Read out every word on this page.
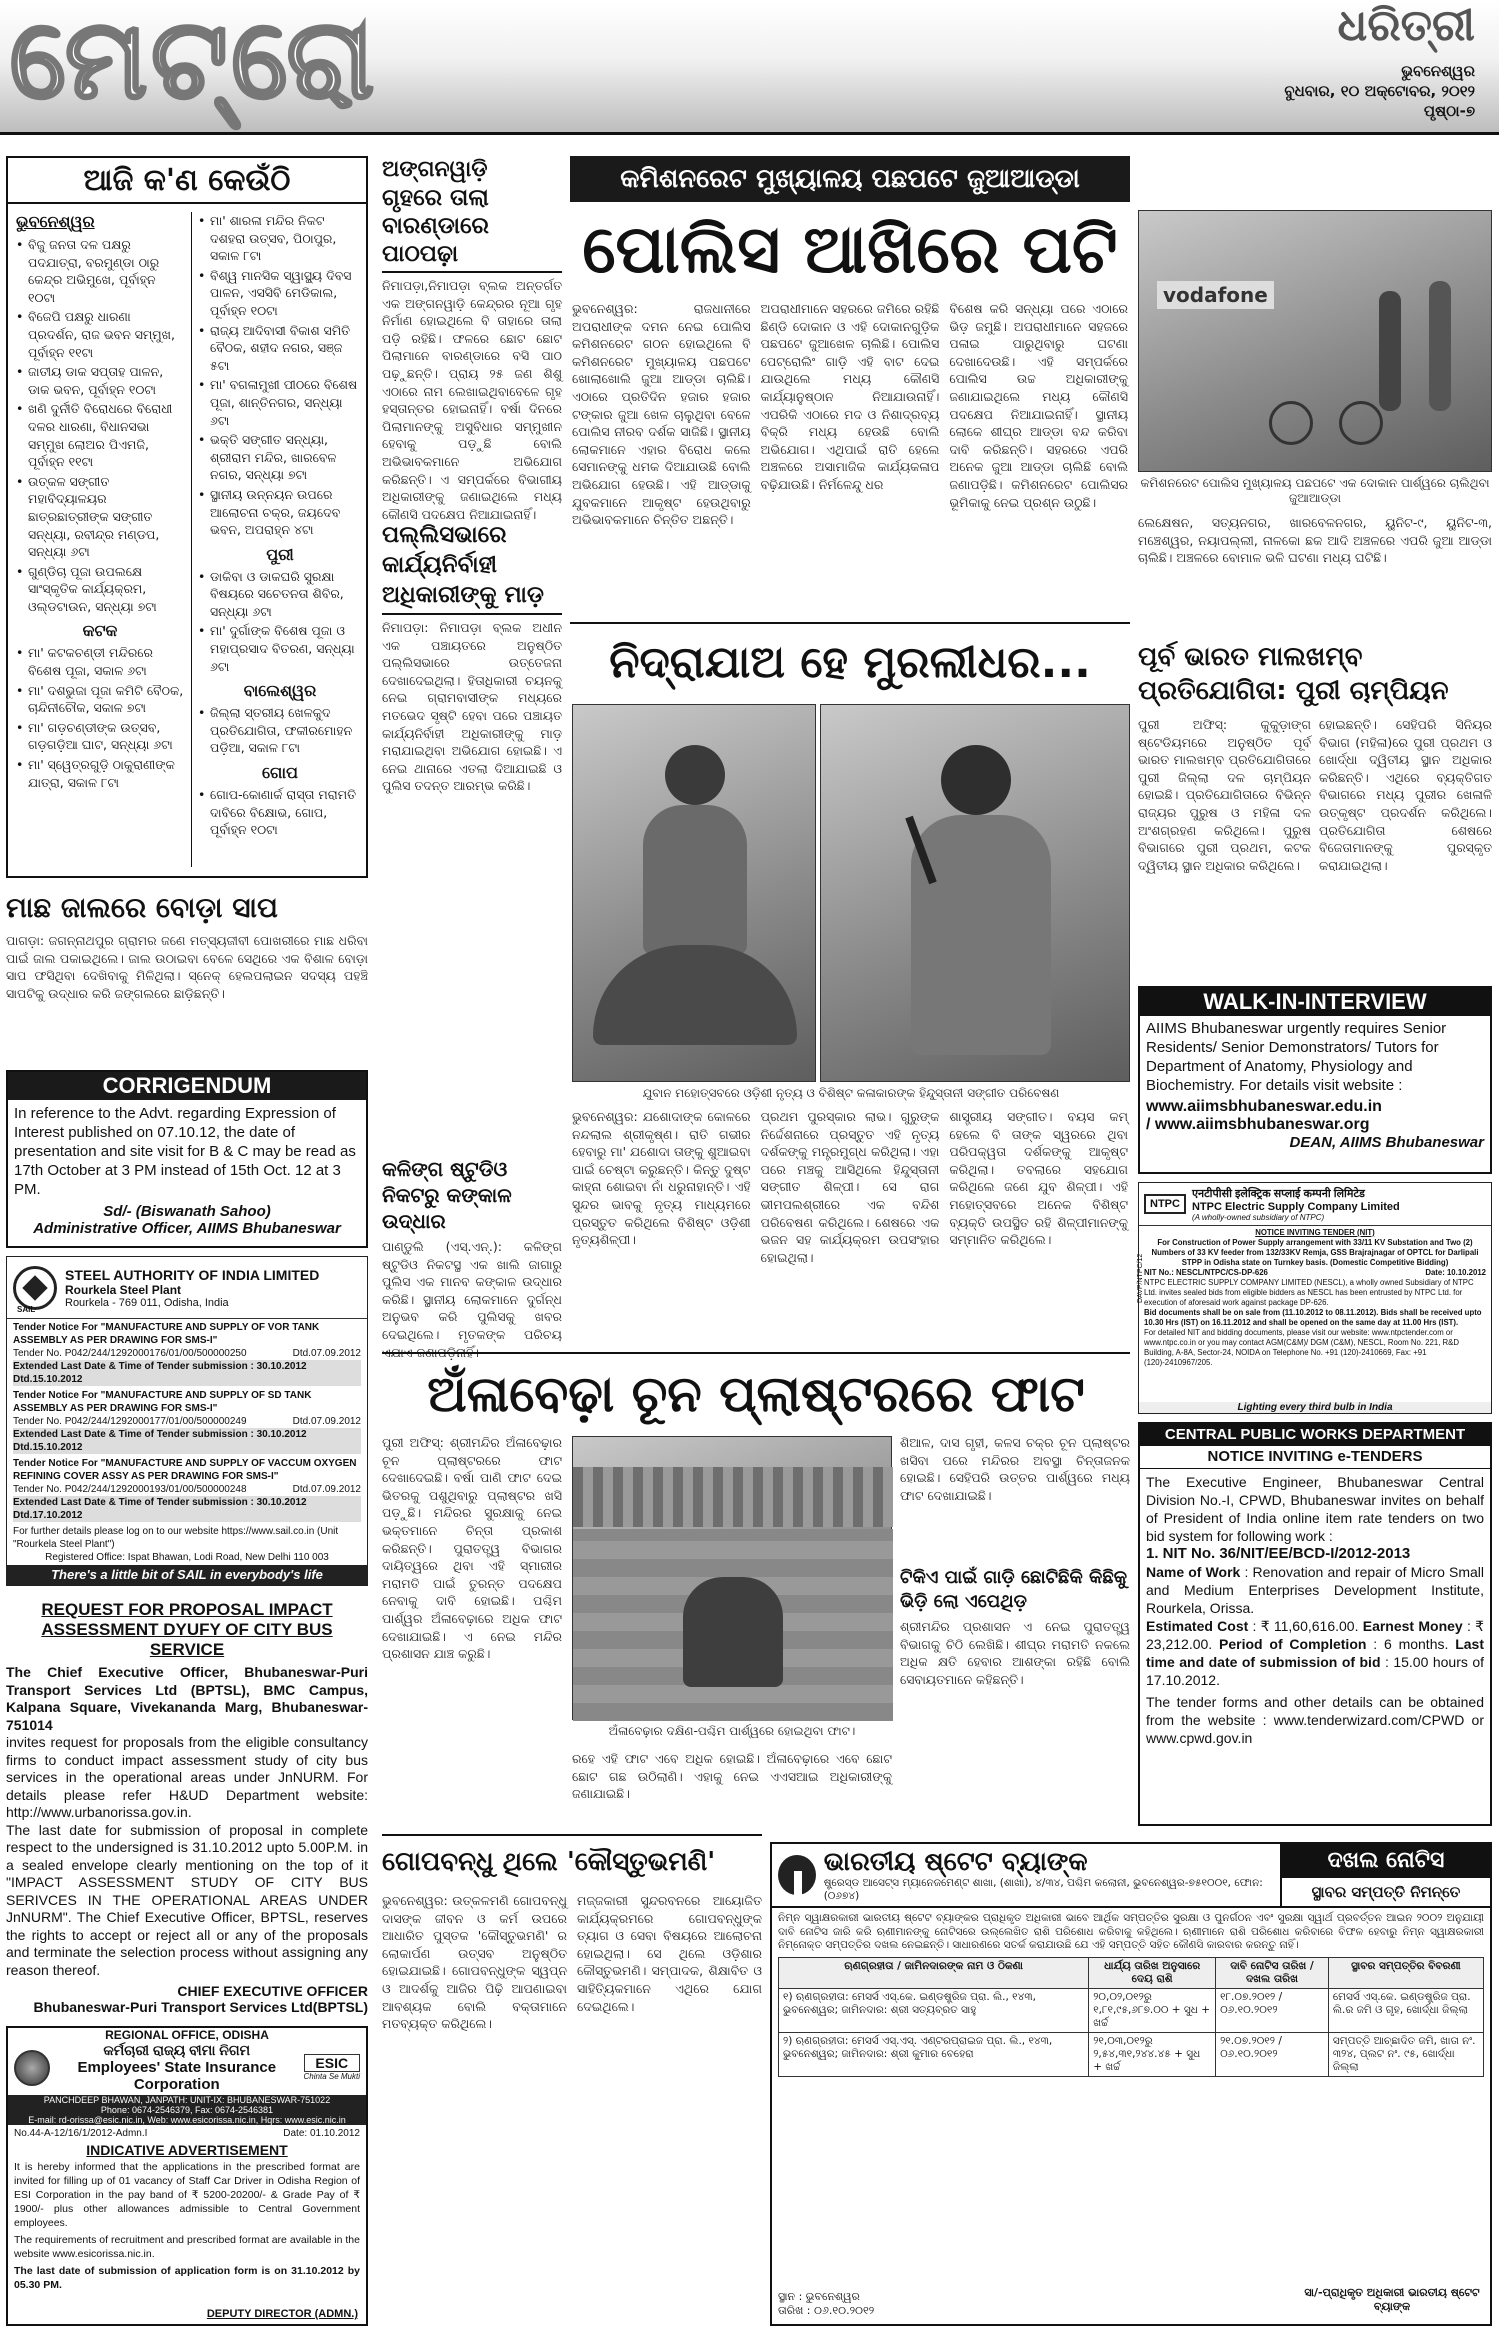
ମେଟ୍ରୋ	ଧରିତ୍ରୀ
ଭୁବନେଶ୍ୱର
ବୁଧବାର, ୧୦ ଅକ୍ଟୋବର, ୨୦୧୨
ପୃଷ୍ଠା-୭
ଆଜି କ'ଣ କେଉଁଠି
ଭୁବନେଶ୍ୱର
• ବିଜୁ ଜନତା ଦଳ ପକ୍ଷରୁ ପଦଯାତ୍ରା, ବରମୁଣ୍ଡା ଠାରୁ କେନ୍ଦ୍ର ଅଭିମୁଖେ, ପୂର୍ବାହ୍ନ ୧୦ଟା
• ବିଜେପି ପକ୍ଷରୁ ଧାରଣା ପ୍ରଦର୍ଶନ, ରାଜ ଭବନ ସମ୍ମୁଖ, ପୂର୍ବାହ୍ନ ୧୧ଟା
• ଜାତୀୟ ଡାକ ସପ୍ତାହ ପାଳନ, ଡାକ ଭବନ, ପୂର୍ବାହ୍ନ ୧୦ଟା
• ଖଣି ଦୁର୍ନୀତି ବିରୋଧରେ ବିରୋଧୀ ଦଳର ଧାରଣା, ବିଧାନସଭା ସମ୍ମୁଖ ଲୋଅର ପିଏମଜି, ପୂର୍ବାହ୍ନ ୧୧ଟା
• ଉତ୍କଳ ସଙ୍ଗୀତ ମହାବିଦ୍ୟାଳୟର ଛାତ୍ରଛାତ୍ରୀଙ୍କ ସଙ୍ଗୀତ ସନ୍ଧ୍ୟା, ରବୀନ୍ଦ୍ର ମଣ୍ଡପ, ସନ୍ଧ୍ୟା ୬ଟା
• ଗୁଣ୍ଡିଚା ପୂଜା ଉପଲକ୍ଷେ ସାଂସ୍କୃତିକ କାର୍ଯ୍ୟକ୍ରମ, ଓଲ୍ଡଟାଉନ, ସନ୍ଧ୍ୟା ୭ଟା
କଟକ
• ମା' କଟକଚଣ୍ଡୀ ମନ୍ଦିରରେ ବିଶେଷ ପୂଜା, ସକାଳ ୬ଟା
• ମା' ଦଶଭୁଜା ପୂଜା କମିଟି ବୈଠକ, ଚାନ୍ଦିନୀଚୌକ, ସକାଳ ୭ଟା
• ମା' ଗଡ଼ଚଣ୍ଡୀଙ୍କ ଉତ୍ସବ, ଗଡ଼ଗଡ଼ିଆ ଘାଟ, ସନ୍ଧ୍ୟା ୬ଟା
• ମା' ସ୍ୱେତ୍ରଗୁଡ଼ି ଠାକୁରାଣୀଙ୍କ ଯାତ୍ରା, ସକାଳ ୮ଟା
• ମା' ଶାରଳା ମନ୍ଦିର ନିକଟ ଦଶହରା ଉତ୍ସବ, ପିଠାପୁର, ସକାଳ ୮ଟା
• ବିଶ୍ୱ ମାନସିକ ସ୍ୱାସ୍ଥ୍ୟ ଦିବସ ପାଳନ, ଏସସିବି ମେଡିକାଲ, ପୂର୍ବାହ୍ନ ୧୦ଟା
• ରାଜ୍ୟ ଆଦିବାସୀ ବିକାଶ ସମିତି ବୈଠକ, ଶହୀଦ ନଗର, ସଞ୍ଜ ୫ଟା
• ମା' ବଗଳାମୁଖୀ ପୀଠରେ ବିଶେଷ ପୂଜା, ଶାନ୍ତିନଗର, ସନ୍ଧ୍ୟା ୬ଟା
• ଭକ୍ତି ସଙ୍ଗୀତ ସନ୍ଧ୍ୟା, ଶ୍ରୀରାମ ମନ୍ଦିର, ଖାରବେଳ ନଗର, ସନ୍ଧ୍ୟା ୭ଟା
• ସ୍ଥାନୀୟ ଉନ୍ନୟନ ଉପରେ ଆଲୋଚନା ଚକ୍ର, ଜୟଦେବ ଭବନ, ଅପରାହ୍ନ ୪ଟା
ପୁରୀ
• ଡାକିବା ଓ ଡାକଘରି ସୁରକ୍ଷା ବିଷୟରେ ସଚେତନତା ଶିବିର, ସନ୍ଧ୍ୟା ୬ଟା
• ମା' ଦୁର୍ଗାଙ୍କ ବିଶେଷ ପୂଜା ଓ ମହାପ୍ରସାଦ ବିତରଣ, ସନ୍ଧ୍ୟା ୬ଟା
ବାଲେଶ୍ୱର
• ଜିଲ୍ଲା ସ୍ତରୀୟ ଖେଳକୁଦ ପ୍ରତିଯୋଗିତା, ଫକୀରମୋହନ ପଡ଼ିଆ, ସକାଳ ୮ଟା
ଗୋପ
• ଗୋପ-କୋଣାର୍କ ରାସ୍ତା ମରାମତି ଦାବିରେ ବିକ୍ଷୋଭ, ଗୋପ, ପୂର୍ବାହ୍ନ ୧୦ଟା
ମାଛ ଜାଲରେ ବୋଡ଼ା ସାପ
ପାଗଡ଼ା: ଜଗନ୍ନାଥପୁର ଗ୍ରାମର ଜଣେ ମତ୍ସ୍ୟଜୀବୀ ପୋଖରୀରେ ମାଛ ଧରିବା ପାଇଁ ଜାଲ ପକାଇଥିଲେ। ଜାଲ ଉଠାଇବା ବେଳେ ସେଥିରେ ଏକ ବିଶାଳ ବୋଡ଼ା ସାପ ଫସିଥିବା ଦେଖିବାକୁ ମିଳିଥିଲା। ସ୍ନେକ୍ ହେଲପଲାଇନ ସଦସ୍ୟ ପହଞ୍ଚି ସାପଟିକୁ ଉଦ୍ଧାର କରି ଜଙ୍ଗଲରେ ଛାଡ଼ିଛନ୍ତି।
CORRIGENDUM
In reference to the Advt. regarding Expression of Interest published on 07.10.12, the date of presentation and site visit for B & C may be read as 17th October at 3 PM instead of 15th Oct. 12 at 3 PM.
Sd/- (Biswanath Sahoo)
Administrative Officer, AIIMS Bhubaneswar
STEEL AUTHORITY OF INDIA LIMITED
Rourkela Steel Plant
Rourkela - 769 011, Odisha, India
SAIL
Tender Notice For "MANUFACTURE AND SUPPLY OF VOR TANK ASSEMBLY AS PER DRAWING FOR SMS-I"
Tender No. P042/244/1292000176/01/00/500000250	Dtd.07.09.2012
Extended Last Date & Time of Tender submission : 30.10.2012 Dtd.15.10.2012
Tender Notice For "MANUFACTURE AND SUPPLY OF SD TANK ASSEMBLY AS PER DRAWING FOR SMS-I"
Tender No. P042/244/1292000177/01/00/500000249	Dtd.07.09.2012
Extended Last Date & Time of Tender submission : 30.10.2012 Dtd.15.10.2012
Tender Notice For "MANUFACTURE AND SUPPLY OF VACCUM OXYGEN REFINING COVER ASSY AS PER DRAWING FOR SMS-I"
Tender No. P042/244/1292000193/01/00/500000248	Dtd.07.09.2012
Extended Last Date & Time of Tender submission : 30.10.2012 Dtd.17.10.2012
For further details please log on to our website https://www.sail.co.in (Unit "Rourkela Steel Plant")
Registered Office: Ispat Bhawan, Lodi Road, New Delhi 110 003
There's a little bit of SAIL in everybody's life
REQUEST FOR PROPOSAL IMPACT ASSESSMENT DYUFY OF CITY BUS SERVICE
The Chief Executive Officer, Bhubaneswar-Puri Transport Services Ltd (BPTSL), BMC Campus, Kalpana Square, Vivekananda Marg, Bhubaneswar-751014
invites request for proposals from the eligible consultancy firms to conduct impact assessment study of city bus services in the operational areas under JnNURM. For details please refer H&UD Department website: http://www.urbanorissa.gov.in.
The last date for submission of proposal in complete respect to the undersigned is 31.10.2012 upto 5.00P.M. in a sealed envelope clearly mentioning on the top of it "IMPACT ASSESSMENT STUDY OF CITY BUS SERIVCES IN THE OPERATIONAL AREAS UNDER JnNURM". The Chief Executive Officer, BPTSL, reserves the rights to accept or reject all or any of the proposals and terminate the selection process without assigning any reason thereof.
CHIEF EXECUTIVE OFFICER
Bhubaneswar-Puri Transport Services Ltd(BPTSL)
REGIONAL OFFICE, ODISHA
କର୍ମଚାରୀ ରାଜ୍ୟ ବୀମା ନିଗମ
Employees' State Insurance Corporation
ESIC
Chinta Se Mukti
PANCHDEEP BHAWAN, JANPATH: UNIT-IX: BHUBANESWAR-751022
Phone: 0674-2546379, Fax: 0674-2546381
E-mail: rd-orissa@esic.nic.in, Web: www.esicorissa.nic.in, Hqrs: www.esic.nic.in
No.44-A-12/16/1/2012-Admn.I	Date: 01.10.2012
INDICATIVE ADVERTISEMENT
It is hereby informed that the applications in the prescribed format are invited for filling up of 01 vacancy of Staff Car Driver in Odisha Region of ESI Corporation in the pay band of ₹ 5200-20200/- & Grade Pay of ₹ 1900/- plus other allowances admissible to Central Government employees.
The requirements of recruitment and prescribed format are available in the website www.esicorissa.nic.in.
The last date of submission of application form is on 31.10.2012 by 05.30 PM.
DEPUTY DIRECTOR (ADMN.)
ଅଙ୍ଗନୱାଡ଼ି
ଗୃହରେ ତାଲା ବାରଣ୍ଡାରେ ପାଠପଢ଼ା
ନିମାପଡ଼ା,ନିମାପଡ଼ା ବ୍ଲକ ଅନ୍ତର୍ଗତ ଏକ ଅଙ୍ଗନୱାଡ଼ି କେନ୍ଦ୍ରର ନୂଆ ଗୃହ ନିର୍ମାଣ ହୋଇଥିଲେ ବି ତାହାରେ ତାଲା ପଡ଼ି ରହିଛି। ଫଳରେ ଛୋଟ ଛୋଟ ପିଲାମାନେ ବାରଣ୍ଡାରେ ବସି ପାଠ ପଢ଼ୁଛନ୍ତି। ପ୍ରାୟ ୨୫ ଜଣ ଶିଶୁ ଏଠାରେ ନାମ ଲେଖାଇଥିବାବେଳେ ଗୃହ ହସ୍ତାନ୍ତର ହୋଇନାହିଁ। ବର୍ଷା ଦିନରେ ପିଲାମାନଙ୍କୁ ଅସୁବିଧାର ସମ୍ମୁଖୀନ ହେବାକୁ ପଡ଼ୁଛି ବୋଲି ଅଭିଭାବକମାନେ ଅଭିଯୋଗ କରିଛନ୍ତି। ଏ ସମ୍ପର୍କରେ ବିଭାଗୀୟ ଅଧିକାରୀଙ୍କୁ ଜଣାଇଥିଲେ ମଧ୍ୟ କୌଣସି ପଦକ୍ଷେପ ନିଆଯାଇନାହିଁ।
ପଲ୍ଲିସଭାରେ କାର୍ଯ୍ୟନିର୍ବାହୀ ଅଧିକାରୀଙ୍କୁ ମାଡ଼
ନିମାପଡ଼ା: ନିମାପଡ଼ା ବ୍ଲକ ଅଧୀନ ଏକ ପଞ୍ଚାୟତରେ ଅନୁଷ୍ଠିତ ପଲ୍ଲିସଭାରେ ଉତ୍ତେଜନା ଦେଖାଦେଇଥିଲା। ହିତାଧିକାରୀ ଚୟନକୁ ନେଇ ଗ୍ରାମବାସୀଙ୍କ ମଧ୍ୟରେ ମତଭେଦ ସୃଷ୍ଟି ହେବା ପରେ ପଞ୍ଚାୟତ କାର୍ଯ୍ୟନିର୍ବାହୀ ଅଧିକାରୀଙ୍କୁ ମାଡ଼ ମରାଯାଇଥିବା ଅଭିଯୋଗ ହୋଇଛି। ଏ ନେଇ ଥାନାରେ ଏତଲା ଦିଆଯାଇଛି ଓ ପୁଲିସ ତଦନ୍ତ ଆରମ୍ଭ କରିଛି।
କଳିଙ୍ଗ ଷ୍ଟୁଡିଓ ନିକଟରୁ କଙ୍କାଳ ଉଦ୍ଧାର
ପାଣ୍ଡୁଲି (ଏସ୍.ଏନ୍.): କଳିଙ୍ଗ ଷ୍ଟୁଡିଓ ନିକଟସ୍ଥ ଏକ ଖାଲି ଜାଗାରୁ ପୁଲିସ ଏକ ମାନବ କଙ୍କାଳ ଉଦ୍ଧାର କରିଛି। ସ୍ଥାନୀୟ ଲୋକମାନେ ଦୁର୍ଗନ୍ଧ ଅନୁଭବ କରି ପୁଲିସକୁ ଖବର ଦେଇଥିଲେ। ମୃତକଙ୍କ ପରିଚୟ
କମିଶନରେଟ ମୁଖ୍ୟାଳୟ ପଛପଟେ ଜୁଆଆଡ୍ଡା
ପୋଲିସ ଆଖିରେ ପଟି
ଭୁବନେଶ୍ୱର: ରାଜଧାନୀରେ ଅପରାଧୀଙ୍କ ଦମନ ନେଇ ପୋଲିସ କମିଶନରେଟ ଗଠନ ହୋଇଥିଲେ ବି କମିଶନରେଟ ମୁଖ୍ୟାଳୟ ପଛପଟେ ଖୋଲାଖୋଲି ଜୁଆ ଆଡ୍ଡା ଚାଲିଛି। ଏଠାରେ ପ୍ରତିଦିନ ହଜାର ହଜାର ଟଙ୍କାର ଜୁଆ ଖେଳ ଚାଲୁଥିବା ବେଳେ ପୋଲିସ ନୀରବ ଦର୍ଶକ ସାଜିଛି। ସ୍ଥାନୀୟ ଲୋକମାନେ ଏହାର ବିରୋଧ କଲେ ସେମାନଙ୍କୁ ଧମକ ଦିଆଯାଉଛି ବୋଲି ଅଭିଯୋଗ ହେଉଛି। ଏହି ଆଡ୍ଡାକୁ ଯୁବକମାନେ ଆକୃଷ୍ଟ ହେଉଥିବାରୁ ଅଭିଭାବକମାନେ ଚିନ୍ତିତ ଅଛନ୍ତି।
ଅପରାଧୀମାନେ ସହରରେ ଜମିରେ ରହିଛି ଛିଣ୍ଡି ଦୋକାନ ଓ ଏହି ଦୋକାନଗୁଡ଼ିକ ପଛପଟେ ଜୁଆଖେଳ ଚାଲିଛି। ପୋଲିସ ପେଟ୍ରୋଲିଂ ଗାଡ଼ି ଏହି ବାଟ ଦେଇ ଯାଉଥିଲେ ମଧ୍ୟ କୌଣସି କାର୍ଯ୍ୟାନୁଷ୍ଠାନ ନିଆଯାଉନାହିଁ। ଏପରିକି ଏଠାରେ ମଦ ଓ ନିଶାଦ୍ରବ୍ୟ ବିକ୍ରି ମଧ୍ୟ ହେଉଛି ବୋଲି ଅଭିଯୋଗ। ଏଥିପାଇଁ ରାତି ହେଲେ ଅଞ୍ଚଳରେ ଅସାମାଜିକ କାର୍ଯ୍ୟକଳାପ ବଢ଼ିଯାଉଛି। ନିର୍ମଳେନ୍ଦୁ ଧର
ବିଶେଷ କରି ସନ୍ଧ୍ୟା ପରେ ଏଠାରେ ଭିଡ଼ ଜମୁଛି। ଅପରାଧୀମାନେ ସହଜରେ ପଳାଇ ପାରୁଥିବାରୁ ଘଟଣା ଦେଖାଦେଉଛି। ଏହି ସମ୍ପର୍କରେ ପୋଲିସ ଉଚ୍ଚ ଅଧିକାରୀଙ୍କୁ ଜଣାଯାଇଥିଲେ ମଧ୍ୟ କୌଣସି ପଦକ୍ଷେପ ନିଆଯାଇନାହିଁ। ସ୍ଥାନୀୟ ଲୋକେ ଶୀଘ୍ର ଆଡ୍ଡା ବନ୍ଦ କରିବା ଦାବି କରିଛନ୍ତି। ସହରରେ ଏପରି ଅନେକ ଜୁଆ ଆଡ୍ଡା ଚାଲିଛି ବୋଲି ଜଣାପଡ଼ିଛି। କମିଶନରେଟ ପୋଲିସର ଭୂମିକାକୁ ନେଇ ପ୍ରଶ୍ନ ଉଠୁଛି।
vodafone
କମିଶନରେଟ ପୋଲିସ ମୁଖ୍ୟାଳୟ ପଛପଟେ ଏକ ଦୋକାନ ପାର୍ଶ୍ୱରେ ଚାଲିଥିବା ଜୁଆଆଡ୍ଡା
ଲେକ୍ଷେଷନ, ସତ୍ୟନଗର, ଖାରବେଳନଗର, ୟୁନିଟ-୯, ୟୁନିଟ-୩, ମଞ୍ଚେଶ୍ୱର, ନୟାପଲ୍ଲୀ, ନାଳକୋ ଛକ ଆଦି ଅଞ୍ଚଳରେ ଏପରି ଜୁଆ ଆଡ୍ଡା ଚାଲିଛି। ଅଞ୍ଚଳରେ ବୋମାଳ ଭଳି ଘଟଣା ମଧ୍ୟ ଘଟିଛି।
ନିଦ୍ରାଯାଅ ହେ ମୁରଲୀଧର...
ଯୁବାନ ମହୋତ୍ସବରେ ଓଡ଼ିଶୀ ନୃତ୍ୟ ଓ ବିଶିଷ୍ଟ କଳାକାରଙ୍କ ହିନ୍ଦୁସ୍ତାନୀ ସଙ୍ଗୀତ ପରିବେଷଣ
ଭୁବନେଶ୍ୱର: ଯଶୋଦାଙ୍କ କୋଳରେ ନନ୍ଦଲାଲ ଶ୍ରୀକୃଷ୍ଣ। ରାତି ଗଭୀର ହେବାରୁ ମା' ଯଶୋଦା ତାଙ୍କୁ ଶୁଆଇବା ପାଇଁ ଚେଷ୍ଟା କରୁଛନ୍ତି। କିନ୍ତୁ ଦୁଷ୍ଟ କାହ୍ନା ଶୋଇବା ନାଁ ଧରୁନାହାନ୍ତି। ଏହି ସୁନ୍ଦର ଭାବକୁ ନୃତ୍ୟ ମାଧ୍ୟମରେ ପ୍ରସ୍ତୁତ କରିଥିଲେ ବିଶିଷ୍ଟ ଓଡ଼ିଶୀ ନୃତ୍ୟଶିଳ୍ପୀ।
ପ୍ରଥମ ପୁରସ୍କାର ଲାଭ। ଗୁରୁଙ୍କ ନିର୍ଦ୍ଦେଶନାରେ ପ୍ରସ୍ତୁତ ଏହି ନୃତ୍ୟ ଦର୍ଶକଙ୍କୁ ମନ୍ତ୍ରମୁଗ୍ଧ କରିଥିଲା। ଏହା ପରେ ମଞ୍ଚକୁ ଆସିଥିଲେ ହିନ୍ଦୁସ୍ତାନୀ ସଙ୍ଗୀତ ଶିଳ୍ପୀ। ସେ ରାଗ ଭୀମପଲଶ୍ରୀରେ ଏକ ବନ୍ଦିଶ ପରିବେଷଣ କରିଥିଲେ। ଶେଷରେ ଏକ ଭଜନ ସହ କାର୍ଯ୍ୟକ୍ରମ ଉପସଂହାର ହୋଇଥିଲା।
ଶାସ୍ତ୍ରୀୟ ସଙ୍ଗୀତ। ବୟସ କମ୍ ହେଲେ ବି ତାଙ୍କ ସ୍ୱରରେ ଥିବା ପରିପକ୍ୱତା ଦର୍ଶକଙ୍କୁ ଆକୃଷ୍ଟ କରିଥିଲା। ତବଲାରେ ସହଯୋଗ କରିଥିଲେ ଜଣେ ଯୁବ ଶିଳ୍ପୀ। ଏହି ମହୋତ୍ସବରେ ଅନେକ ବିଶିଷ୍ଟ ବ୍ୟକ୍ତି ଉପସ୍ଥିତ ରହି ଶିଳ୍ପୀମାନଙ୍କୁ ସମ୍ମାନିତ କରିଥିଲେ।
ପୂର୍ବ ଭାରତ ମାଲଖମ୍ବ ପ୍ରତିଯୋଗିତା: ପୁରୀ ଚାମ୍ପିୟନ
ପୁରୀ ଅଫିସ୍: କୁକୁଡ଼ାଙ୍ଗ ଷ୍ଟେଡିୟମରେ ଅନୁଷ୍ଠିତ ପୂର୍ବ ଭାରତ ମାଲଖମ୍ବ ପ୍ରତିଯୋଗିତାରେ ପୁରୀ ଜିଲ୍ଲା ଦଳ ଚାମ୍ପିୟନ ହୋଇଛି। ପ୍ରତିଯୋଗିତାରେ ବିଭିନ୍ନ ରାଜ୍ୟର ପୁରୁଷ ଓ ମହିଳା ଦଳ ଅଂଶଗ୍ରହଣ କରିଥିଲେ। ପୁରୁଷ ବିଭାଗରେ ପୁରୀ ପ୍ରଥମ, କଟକ ଦ୍ୱିତୀୟ ସ୍ଥାନ ଅଧିକାର କରିଥିଲେ।
ହୋଇଛନ୍ତି। ସେହିପରି ସିନିୟର ବିଭାଗ (ମହିଳା)ରେ ପୁରୀ ପ୍ରଥମ ଓ ଖୋର୍ଦ୍ଧା ଦ୍ୱିତୀୟ ସ୍ଥାନ ଅଧିକାର କରିଛନ୍ତି। ଏଥିରେ ବ୍ୟକ୍ତିଗତ ବିଭାଗରେ ମଧ୍ୟ ପୁରୀର ଖେଳାଳି ଉତ୍କୃଷ୍ଟ ପ୍ରଦର୍ଶନ କରିଥିଲେ। ପ୍ରତିଯୋଗିତା ଶେଷରେ ବିଜେତାମାନଙ୍କୁ ପୁରସ୍କୃତ କରାଯାଇଥିଲା।
WALK-IN-INTERVIEW
AIIMS Bhubaneswar urgently requires Senior Residents/ Senior Demonstrators/ Tutors for Department of Anatomy, Physiology and Biochemistry. For details visit website :
www.aiimsbhubaneswar.edu.in
/ www.aiimsbhubaneswar.org
DEAN, AIIMS Bhubaneswar
NTPC
एनटीपीसी इलेक्ट्रिक सप्लाई कम्पनी लिमिटेड
NTPC Electric Supply Company Limited
(A wholly-owned subsidiary of NTPC)
NOTICE INVITING TENDER (NIT)
For Construction of Power Supply arrangement with 33/11 KV Substation and Two (2) Numbers of 33 KV feeder from 132/33KV Remja, GSS Brajrajnagar of OPTCL for Darlipali STPP in Odisha state on Turnkey basis. (Domestic Competitive Bidding)
NIT No.: NESCL/NTPC/CS-DP-626	Date: 10.10.2012
NTPC ELECTRIC SUPPLY COMPANY LIMITED (NESCL), a wholly owned Subsidiary of NTPC Ltd. invites sealed bids from eligible bidders as NESCL has been entrusted by NTPC Ltd. for execution of aforesaid work against package DP-626.
Bid documents shall be on sale from (11.10.2012 to 08.11.2012). Bids shall be received upto 10.30 Hrs (IST) on 16.11.2012 and shall be opened on the same day at 11.00 Hrs (IST).
For detailed NIT and bidding documents, please visit our website: www.ntpctender.com or www.ntpc.co.in or you may contact AGM(C&M)/ DGM (C&M), NESCL, Room No. 221, R&D Building, A-8A, Sector-24, NOIDA on Telephone No. +91 (120)-2410669, Fax: +91 (120)-2410967/205.
Lighting every third bulb in India
DAVP/NTPC/12
ଅଁଳାବେଢ଼ା ଚୂନ ପ୍ଲାଷ୍ଟରରେ ଫାଟ
ପୁରୀ ଅଫିସ୍: ଶ୍ରୀମନ୍ଦିର ଅଁଳାବେଢ଼ାର ଚୂନ ପ୍ଲାଷ୍ଟରରେ ଫାଟ ଦେଖାଦେଇଛି। ବର୍ଷା ପାଣି ଫାଟ ଦେଇ ଭିତରକୁ ପଶୁଥିବାରୁ ପ୍ଲାଷ୍ଟର ଖସି ପଡ଼ୁଛି। ମନ୍ଦିରର ସୁରକ୍ଷାକୁ ନେଇ ଭକ୍ତମାନେ ଚିନ୍ତା ପ୍ରକାଶ କରିଛନ୍ତି। ପୁରାତତ୍ତ୍ୱ ବିଭାଗର ଦାୟିତ୍ୱରେ ଥିବା ଏହି ସ୍ମାରୀର ମରାମତି ପାଇଁ ତୁରନ୍ତ ପଦକ୍ଷେପ ନେବାକୁ ଦାବି ହୋଇଛି। ପଶ୍ଚିମ ପାର୍ଶ୍ୱର ଅଁଳାବେଢ଼ାରେ ଅଧିକ ଫାଟ ଦେଖାଯାଇଛି। ଏ ନେଇ ମନ୍ଦିର ପ୍ରଶାସନ ଯାଞ୍ଚ କରୁଛି।
ଅଁଳାବେଢ଼ାର ଦକ୍ଷିଣ-ପଶ୍ଚିମ ପାର୍ଶ୍ୱରେ ହୋଇଥିବା ଫାଟ।
ରହେ ଏହି ଫାଟ ଏବେ ଅଧିକ ହୋଇଛି। ଅଁଳାବେଢ଼ାରେ ଏବେ ଛୋଟ ଛୋଟ ଗଛ ଉଠିଲାଣି। ଏହାକୁ ନେଇ ଏଏସଆଇ ଅଧିକାରୀଙ୍କୁ ଜଣାଯାଇଛି।
ଶିଆଳ, ଦାସ ଗୃହୀ, କଳସ ଚକ୍ର ଚୂନ ପ୍ଲାଷ୍ଟର ଖସିବା ପରେ ମନ୍ଦିରର ଅବସ୍ଥା ଚିନ୍ତାଜନକ ହୋଇଛି। ସେହିପରି ଉତ୍ତର ପାର୍ଶ୍ୱରେ ମଧ୍ୟ ଫାଟ ଦେଖାଯାଇଛି।
ଟିକିଏ ପାଇଁ ଗାଡ଼ି ଛୋଟିଛିକି କିଛିକୁ ଭିଡ଼ି ଲୋ ଏପେଥିଡ଼
ଶ୍ରୀମନ୍ଦିର ପ୍ରଶାସନ ଏ ନେଇ ପୁରାତତ୍ତ୍ୱ ବିଭାଗକୁ ଚିଠି ଲେଖିଛି। ଶୀଘ୍ର ମରାମତି ନକଲେ ଅଧିକ କ୍ଷତି ହେବାର ଆଶଙ୍କା ରହିଛି ବୋଲି ସେବାୟତମାନେ କହିଛନ୍ତି।
CENTRAL PUBLIC WORKS DEPARTMENT
NOTICE INVITING e-TENDERS
The Executive Engineer, Bhubaneswar Central Division No.-I, CPWD, Bhubaneswar invites on behalf of President of India online item rate tenders on two bid system for following work :
1. NIT No. 36/NIT/EE/BCD-I/2012-2013
Name of Work : Renovation and repair of Micro Small and Medium Enterprises Development Institute, Rourkela, Orissa.
Estimated Cost : ₹ 11,60,616.00. Earnest Money : ₹ 23,212.00. Period of Completion : 6 months. Last time and date of submission of bid : 15.00 hours of 17.10.2012.
The tender forms and other details can be obtained from the website : www.tenderwizard.com/CPWD or www.cpwd.gov.in
ଗୋପବନ୍ଧୁ ଥିଲେ 'କୌସ୍ତୁଭମଣି'
ଭୁବନେଶ୍ୱର: ଉତ୍କଳମଣି ଗୋପବନ୍ଧୁ ଦାସଙ୍କ ଜୀବନ ଓ କର୍ମ ଉପରେ ଆଧାରିତ ପୁସ୍ତକ 'କୌସ୍ତୁଭମଣି' ର ଲୋକାର୍ପଣ ଉତ୍ସବ ଅନୁଷ୍ଠିତ ହୋଇଯାଇଛି। ଗୋପବନ୍ଧୁଙ୍କ ସ୍ୱପ୍ନ ଓ ଆଦର୍ଶକୁ ଆଜିର ପିଢ଼ି ଆପଣାଇବା ଆବଶ୍ୟକ ବୋଲି ବକ୍ତାମାନେ ମତବ୍ୟକ୍ତ କରିଥିଲେ।
ମଜ୍ଜକାରୀ ସୁନ୍ଦରବନରେ ଆୟୋଜିତ କାର୍ଯ୍ୟକ୍ରମରେ ଗୋପବନ୍ଧୁଙ୍କ ତ୍ୟାଗ ଓ ସେବା ବିଷୟରେ ଆଲୋଚନା ହୋଇଥିଲା। ସେ ଥିଲେ ଓଡ଼ିଶାର କୌସ୍ତୁଭମଣି। ସମ୍ପାଦକ, ଶିକ୍ଷାବିତ ଓ ସାହିତ୍ୟିକମାନେ ଏଥିରେ ଯୋଗ ଦେଇଥିଲେ।
ଭାରତୀୟ ଷ୍ଟେଟ ବ୍ୟାଙ୍କ
ଷ୍ଟ୍ରେସ୍ଡ ଆସେଟ୍ସ ମ୍ୟାନେଜମେଣ୍ଟ ଶାଖା, (ଶାଖା), ୪/୩୪, ପଶ୍ଚିମ କଲୋନୀ, ଭୁବନେଶ୍ୱର-୭୫୧୦୦୧, ଫୋନ: (୦୬୭୪)
ଦଖଲ ନୋଟିସ
ସ୍ଥାବର ସମ୍ପତ୍ତି ନିମନ୍ତେ
ନିମ୍ନ ସ୍ୱାକ୍ଷରକାରୀ ଭାରତୀୟ ଷ୍ଟେଟ ବ୍ୟାଙ୍କର ପ୍ରାଧିକୃତ ଅଧିକାରୀ ଭାବେ ଆର୍ଥିକ ସମ୍ପତ୍ତିର ସୁରକ୍ଷା ଓ ପୁନର୍ଗଠନ ଏବଂ ସୁରକ୍ଷା ସ୍ୱାର୍ଥ ପ୍ରବର୍ତ୍ତନ ଆଇନ ୨୦୦୨ ଅନୁଯାୟୀ ଦାବି ନୋଟିସ ଜାରି କରି ଋଣୀମାନଙ୍କୁ ନୋଟିସରେ ଉଲ୍ଲେଖିତ ରାଶି ପରିଶୋଧ କରିବାକୁ କହିଥିଲେ। ଋଣୀମାନେ ରାଶି ପରିଶୋଧ କରିବାରେ ବିଫଳ ହେବାରୁ ନିମ୍ନ ସ୍ୱାକ୍ଷରକାରୀ ନିମ୍ନୋକ୍ତ ସମ୍ପତ୍ତିର ଦଖଲ ନେଇଛନ୍ତି। ସାଧାରଣରେ ସତର୍କ କରାଯାଉଛି ଯେ ଏହି ସମ୍ପତ୍ତି ସହିତ କୌଣସି କାରବାର କରନ୍ତୁ ନାହିଁ।
ଋଣଗ୍ରହୀତା / ଜାମିନଦାରଙ୍କ ନାମ ଓ ଠିକଣା	ଧାର୍ଯ୍ୟ ତାରିଖ ଅନୁସାରେ ଦେୟ ରାଶି	ଦାବି ନୋଟିସ ତାରିଖ / ଦଖଲ ତାରିଖ	ସ୍ଥାବର ସମ୍ପତ୍ତିର ବିବରଣୀ
୧) ଋଣଗ୍ରହୀତା: ମେସର୍ସ ଏସ୍.କେ. ଇଣ୍ଡଷ୍ଟ୍ରିଜ ପ୍ରା. ଲି., ୧୪୩, ଭୁବନେଶ୍ୱର; ଜାମିନଦାର: ଶ୍ରୀ ସତ୍ୟବ୍ରତ ସାହୁ	୨୦,୦୨,୦୧୨ରୁ ୧,୮୧,୯୫,୬୮୭.୦୦ + ସୁଧ + ଖର୍ଚ୍ଚ	୧୮.୦୭.୨୦୧୨ / ୦୬.୧୦.୨୦୧୨	ମେସର୍ସ ଏସ୍.କେ. ଇଣ୍ଡଷ୍ଟ୍ରିଜ ପ୍ରା. ଲି.ର ଜମି ଓ ଗୃହ, ଖୋର୍ଦ୍ଧା ଜିଲ୍ଲା
୨) ଋଣଗ୍ରହୀତା: ମେସର୍ସ ଏସ୍.ଏସ୍. ଏଣ୍ଟରପ୍ରାଇଜ ପ୍ରା. ଲି., ୧୪୩, ଭୁବନେଶ୍ୱର; ଜାମିନଦାର: ଶ୍ରୀ କୁମାର ବେହେରା	୨୧,୦୩,୦୧୨ରୁ ୨,୫୪,୩୧,୨୪୪.୪୫ + ସୁଧ + ଖର୍ଚ୍ଚ	୨୧.୦୭.୨୦୧୨ / ୦୬.୧୦.୨୦୧୨	ସମ୍ପତ୍ତି ଆଚ୍ଛାଦିତ ଜମି, ଖାତା ନଂ. ୩୨୪, ପ୍ଲଟ ନଂ. ୯୫, ଖୋର୍ଦ୍ଧା ଜିଲ୍ଲା
ସ୍ଥାନ : ଭୁବନେଶ୍ୱର
ତାରିଖ : ୦୬.୧୦.୨୦୧୨
ସା/-ପ୍ରାଧିକୃତ ଅଧିକାରୀ ଭାରତୀୟ ଷ୍ଟେଟ ବ୍ୟାଙ୍କ
